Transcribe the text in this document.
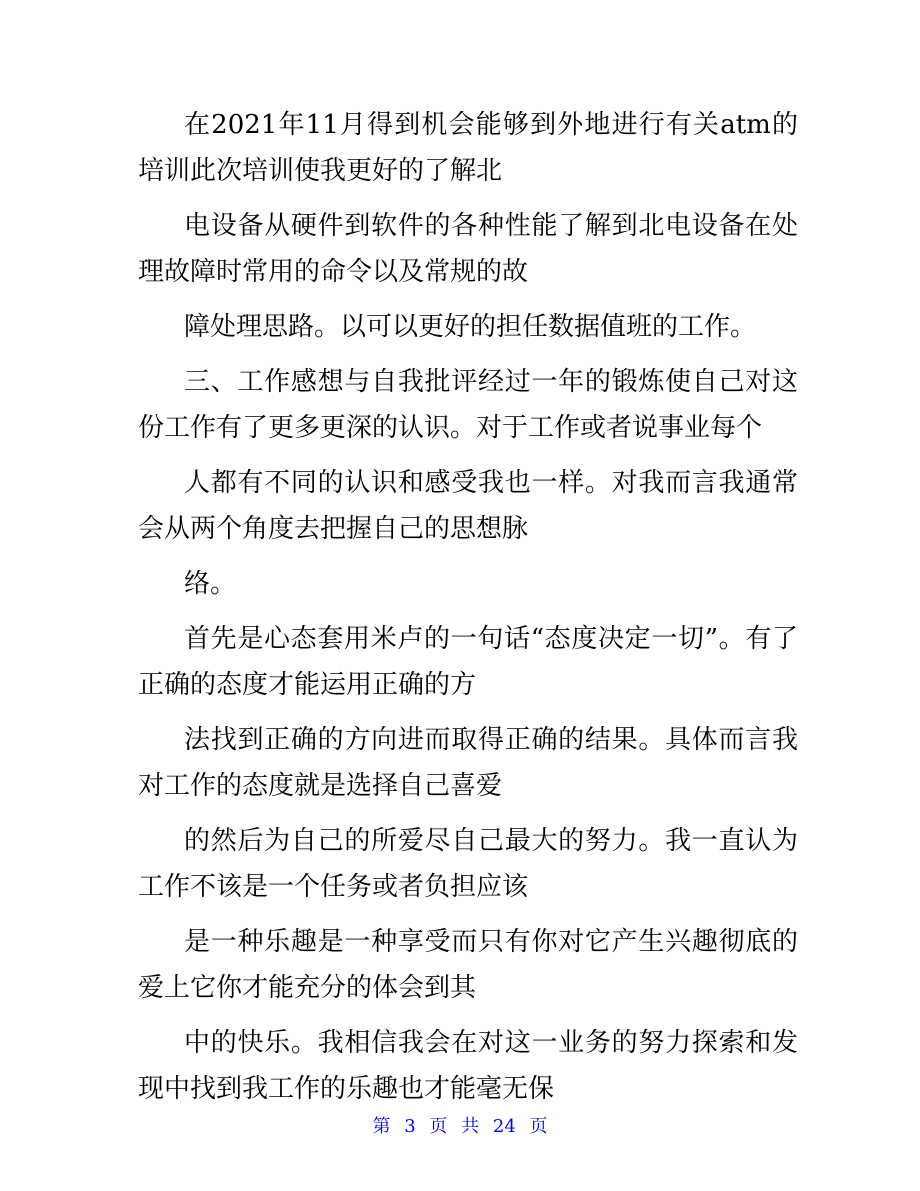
在2021年11月得到机会能够到外地进行有关atm的培训此次培训使我更好的了解北

电设备从硬件到软件的各种性能了解到北电设备在处理故障时常用的命令以及常规的故

障处理思路。以可以更好的担任数据值班的工作。

三、工作感想与自我批评经过一年的锻炼使自己对这份工作有了更多更深的认识。对于工作或者说事业每个

人都有不同的认识和感受我也一样。对我而言我通常会从两个角度去把握自己的思想脉

络。

首先是心态套用米卢的一句话“态度决定一切”。有了正确的态度才能运用正确的方

法找到正确的方向进而取得正确的结果。具体而言我对工作的态度就是选择自己喜爱

的然后为自己的所爱尽自己最大的努力。我一直认为工作不该是一个任务或者负担应该

是一种乐趣是一种享受而只有你对它产生兴趣彻底的爱上它你才能充分的体会到其

中的快乐。我相信我会在对这一业务的努力探索和发现中找到我工作的乐趣也才能毫无保

第 3 页 共 24 页
